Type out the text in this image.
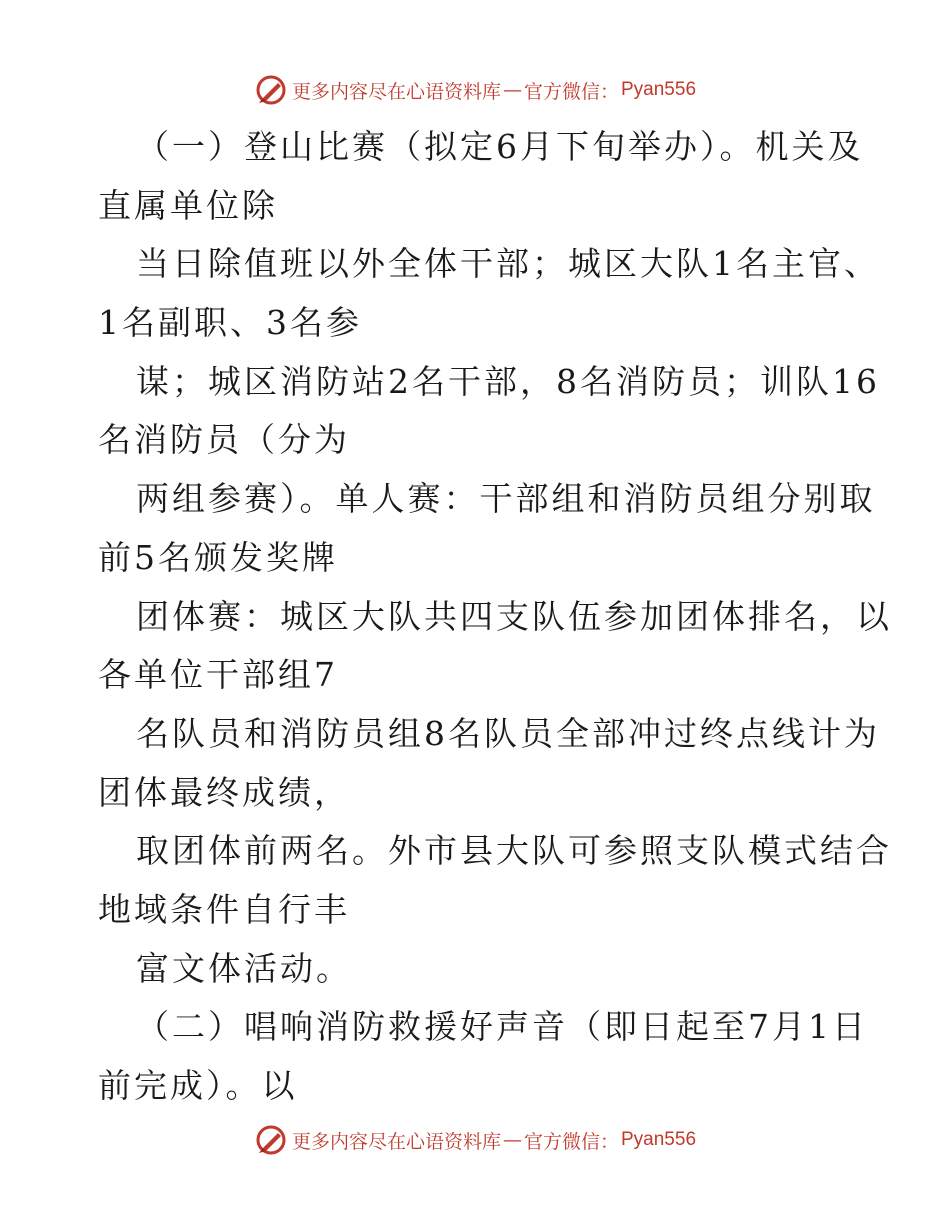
更多内容尽在心语资料库 — 官方微信： Pyan556
（一）登山比赛（拟定6月下旬举办）。机关及
直属单位除
当日除值班以外全体干部；城区大队1名主官、
1名副职、3名参
谋；城区消防站2名干部，8名消防员；训队16
名消防员（分为
两组参赛）。单人赛：干部组和消防员组分别取
前5名颁发奖牌
团体赛：城区大队共四支队伍参加团体排名，以
各单位干部组7
名队员和消防员组8名队员全部冲过终点线计为
团体最终成绩，
取团体前两名。外市县大队可参照支队模式结合
地域条件自行丰
富文体活动。
（二）唱响消防救援好声音（即日起至7月1日
前完成）。以
更多内容尽在心语资料库 — 官方微信： Pyan556
